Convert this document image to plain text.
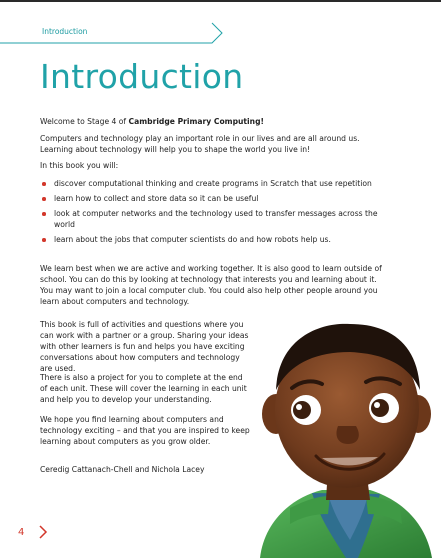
Introduction
Introduction
Welcome to Stage 4 of Cambridge Primary Computing!
Computers and technology play an important role in our lives and are all around us. Learning about technology will help you to shape the world you live in!
In this book you will:
discover computational thinking and create programs in Scratch that use repetition
learn how to collect and store data so it can be useful
look at computer networks and the technology used to transfer messages across the world
learn about the jobs that computer scientists do and how robots help us.
We learn best when we are active and working together. It is also good to learn outside of school. You can do this by looking at technology that interests you and learning about it. You may want to join a local computer club. You could also help other people around you learn about computers and technology.
This book is full of activities and questions where you can work with a partner or a group. Sharing your ideas with other learners is fun and helps you have exciting conversations about how computers and technology are used.
There is also a project for you to complete at the end of each unit. These will cover the learning in each unit and help you to develop your understanding.
We hope you find learning about computers and technology exciting – and that you are inspired to keep learning about computers as you grow older.
Ceredig Cattanach-Chell and Nichola Lacey
4
